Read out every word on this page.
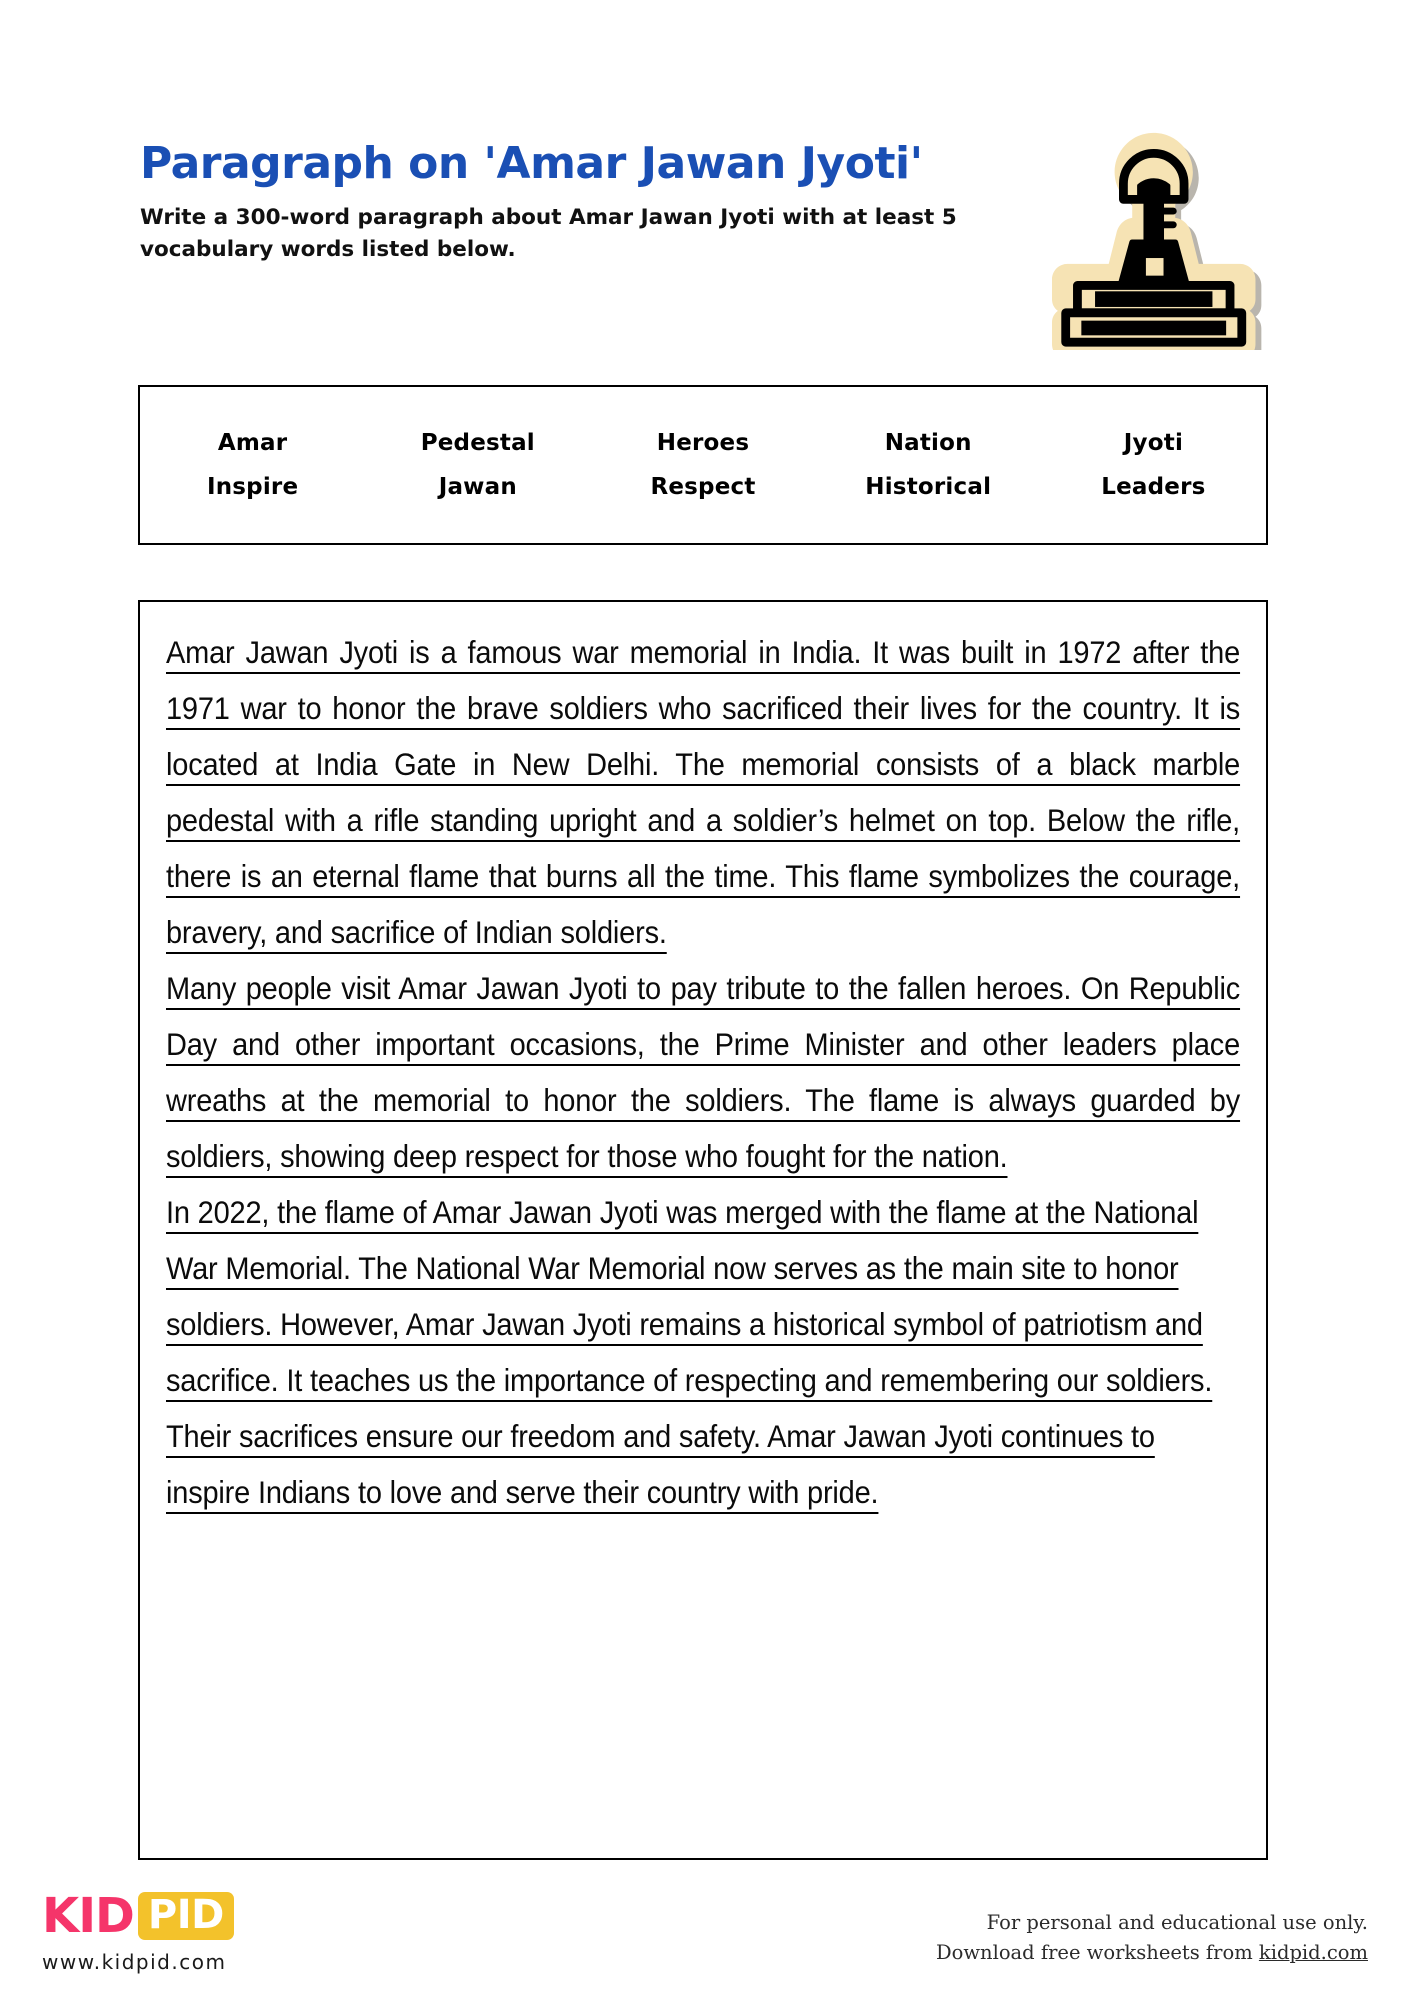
Paragraph on 'Amar Jawan Jyoti'

Write a 300-word paragraph about Amar Jawan Jyoti with at least 5 vocabulary words listed below.

Amar	Pedestal	Heroes	Nation	Jyoti
Inspire	Jawan	Respect	Historical	Leaders

Amar Jawan Jyoti is a famous war memorial in India. It was built in 1972 after the 1971 war to honor the brave soldiers who sacrificed their lives for the country. It is located at India Gate in New Delhi. The memorial consists of a black marble pedestal with a rifle standing upright and a soldier’s helmet on top. Below the rifle, there is an eternal flame that burns all the time. This flame symbolizes the courage, bravery, and sacrifice of Indian soldiers.

Many people visit Amar Jawan Jyoti to pay tribute to the fallen heroes. On Republic Day and other important occasions, the Prime Minister and other leaders place wreaths at the memorial to honor the soldiers. The flame is always guarded by soldiers, showing deep respect for those who fought for the nation.

In 2022, the flame of Amar Jawan Jyoti was merged with the flame at the National War Memorial. The National War Memorial now serves as the main site to honor soldiers. However, Amar Jawan Jyoti remains a historical symbol of patriotism and sacrifice. It teaches us the importance of respecting and remembering our soldiers. Their sacrifices ensure our freedom and safety. Amar Jawan Jyoti continues to inspire Indians to love and serve their country with pride.

KID PID
www.kidpid.com
For personal and educational use only.
Download free worksheets from kidpid.com
